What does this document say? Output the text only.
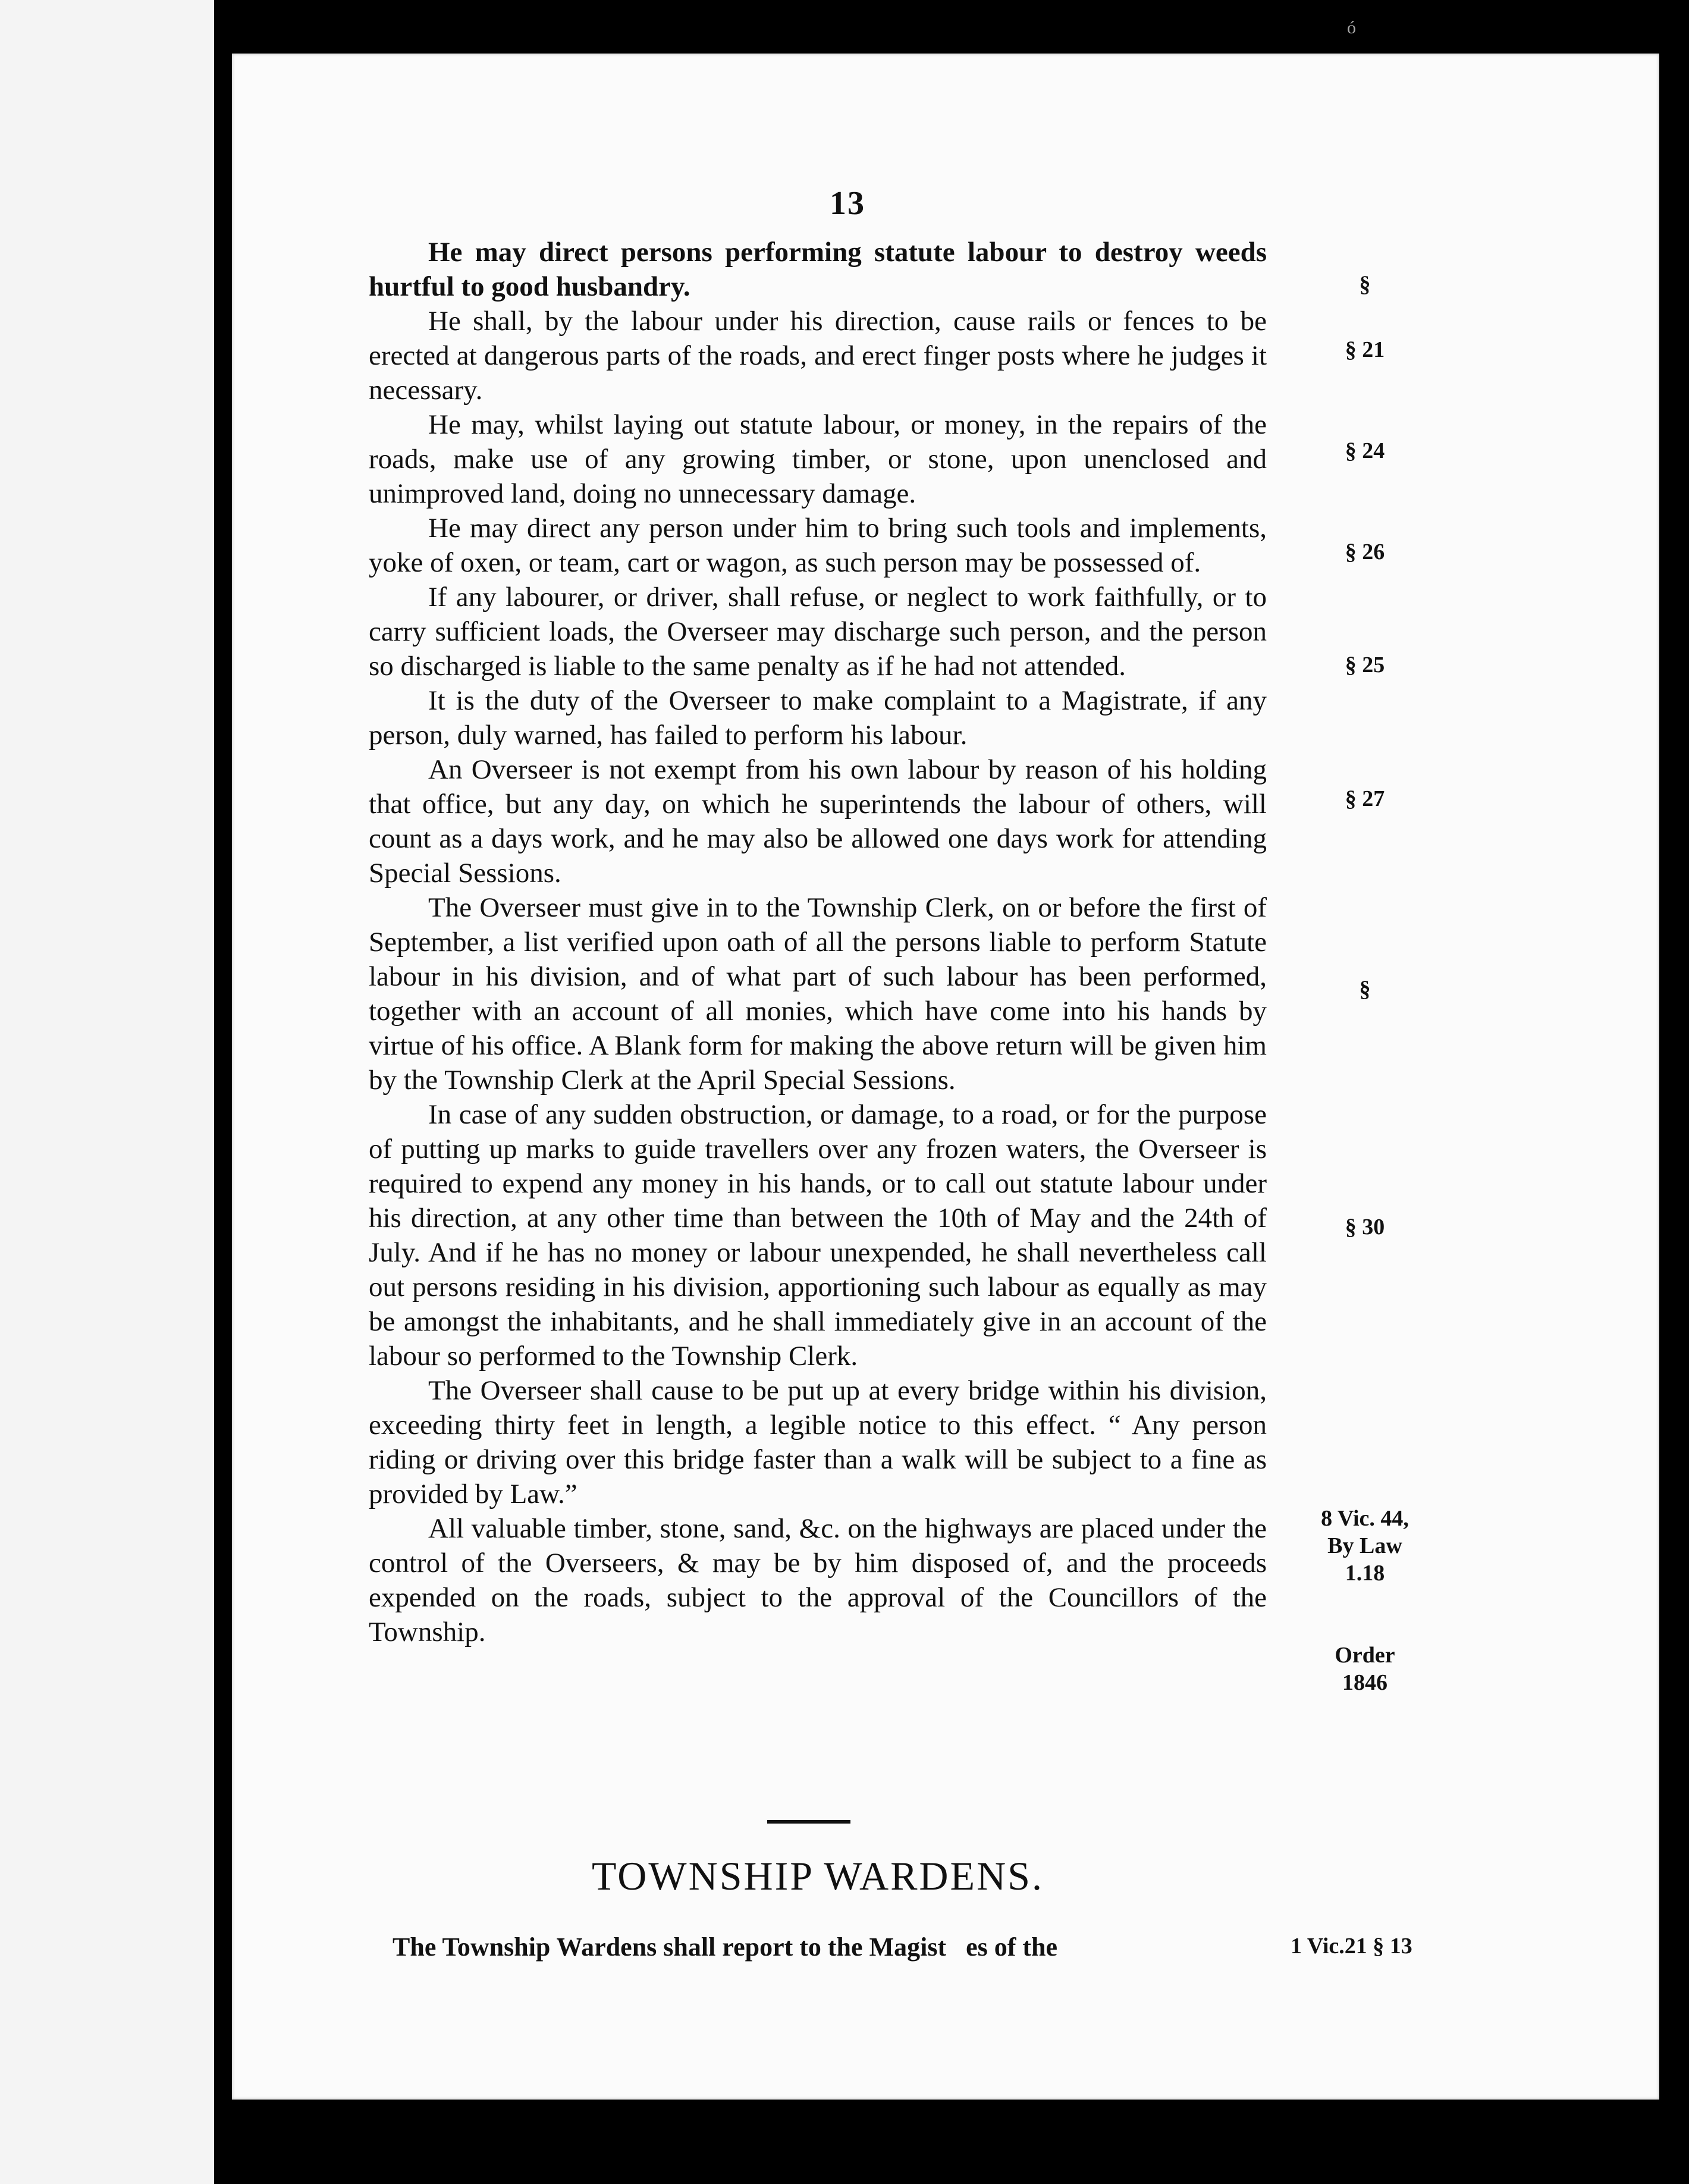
ó
13

He may direct persons performing statute labour to destroy weeds hurtful to good husbandry.

He shall, by the labour under his direction, cause rails or fences to be erected at dangerous parts of the roads, and erect finger posts where he judges it necessary.

He may, whilst laying out statute labour, or money, in the repairs of the roads, make use of any growing timber, or stone, upon unenclosed and unimproved land, doing no unnecessary damage.

He may direct any person under him to bring such tools and implements, yoke of oxen, or team, cart or wagon, as such person may be possessed of.

If any labourer, or driver, shall refuse, or neglect to work faithfully, or to carry sufficient loads, the Overseer may discharge such person, and the person so discharged is liable to the same penalty as if he had not attended.

It is the duty of the Overseer to make complaint to a Magistrate, if any person, duly warned, has failed to perform his labour.

An Overseer is not exempt from his own labour by reason of his holding that office, but any day, on which he superintends the labour of others, will count as a days work, and he may also be allowed one days work for attending Special Sessions.

The Overseer must give in to the Township Clerk, on or before the first of September, a list verified upon oath of all the persons liable to perform Statute labour in his division, and of what part of such labour has been performed, together with an account of all monies, which have come into his hands by virtue of his office. A Blank form for making the above return will be given him by the Township Clerk at the April Special Sessions.

In case of any sudden obstruction, or damage, to a road, or for the purpose of putting up marks to guide travellers over any frozen waters, the Overseer is required to expend any money in his hands, or to call out statute labour under his direction, at any other time than between the 10th of May and the 24th of July. And if he has no money or labour unexpended, he shall nevertheless call out persons residing in his division, apportioning such labour as equally as may be amongst the inhabitants, and he shall immediately give in an account of the labour so performed to the Township Clerk.

The Overseer shall cause to be put up at every bridge within his division, exceeding thirty feet in length, a legible notice to this effect. “ Any person riding or driving over this bridge faster than a walk will be subject to a fine as provided by Law.”

All valuable timber, stone, sand, &c. on the highways are placed under the control of the Overseers, & may be by him disposed of, and the proceeds expended on the roads, subject to the approval of the Councillors of the Township.

§
§ 21
§ 24
§ 26
§ 25
§ 27
§
§ 30
8 Vic. 44,
By Law 1.18
Order
1846
TOWNSHIP WARDENS.
The Township Wardens shall report to the Magist   es of the	1 Vic.21 § 13
